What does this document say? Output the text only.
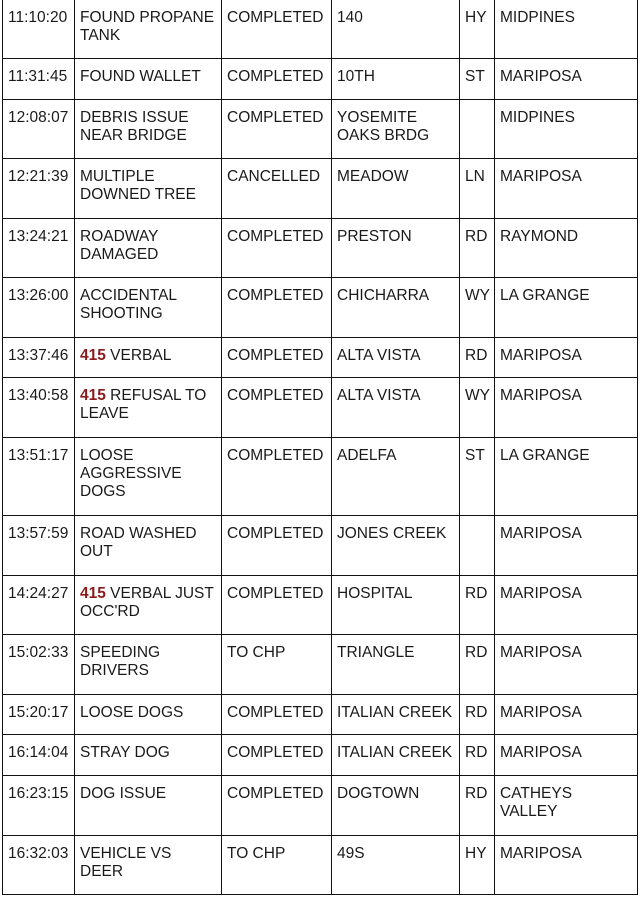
11:10:20	FOUND PROPANE TANK	COMPLETED	140	HY	MIDPINES
11:31:45	FOUND WALLET	COMPLETED	10TH	ST	MARIPOSA
12:08:07	DEBRIS ISSUE NEAR BRIDGE	COMPLETED	YOSEMITE OAKS BRDG		MIDPINES
12:21:39	MULTIPLE DOWNED TREE	CANCELLED	MEADOW	LN	MARIPOSA
13:24:21	ROADWAY DAMAGED	COMPLETED	PRESTON	RD	RAYMOND
13:26:00	ACCIDENTAL SHOOTING	COMPLETED	CHICHARRA	WY	LA GRANGE
13:37:46	415 VERBAL	COMPLETED	ALTA VISTA	RD	MARIPOSA
13:40:58	415 REFUSAL TO LEAVE	COMPLETED	ALTA VISTA	WY	MARIPOSA
13:51:17	LOOSE AGGRESSIVE DOGS	COMPLETED	ADELFA	ST	LA GRANGE
13:57:59	ROAD WASHED OUT	COMPLETED	JONES CREEK		MARIPOSA
14:24:27	415 VERBAL JUST OCC'RD	COMPLETED	HOSPITAL	RD	MARIPOSA
15:02:33	SPEEDING DRIVERS	TO CHP	TRIANGLE	RD	MARIPOSA
15:20:17	LOOSE DOGS	COMPLETED	ITALIAN CREEK	RD	MARIPOSA
16:14:04	STRAY DOG	COMPLETED	ITALIAN CREEK	RD	MARIPOSA
16:23:15	DOG ISSUE	COMPLETED	DOGTOWN	RD	CATHEYS VALLEY
16:32:03	VEHICLE VS DEER	TO CHP	49S	HY	MARIPOSA
